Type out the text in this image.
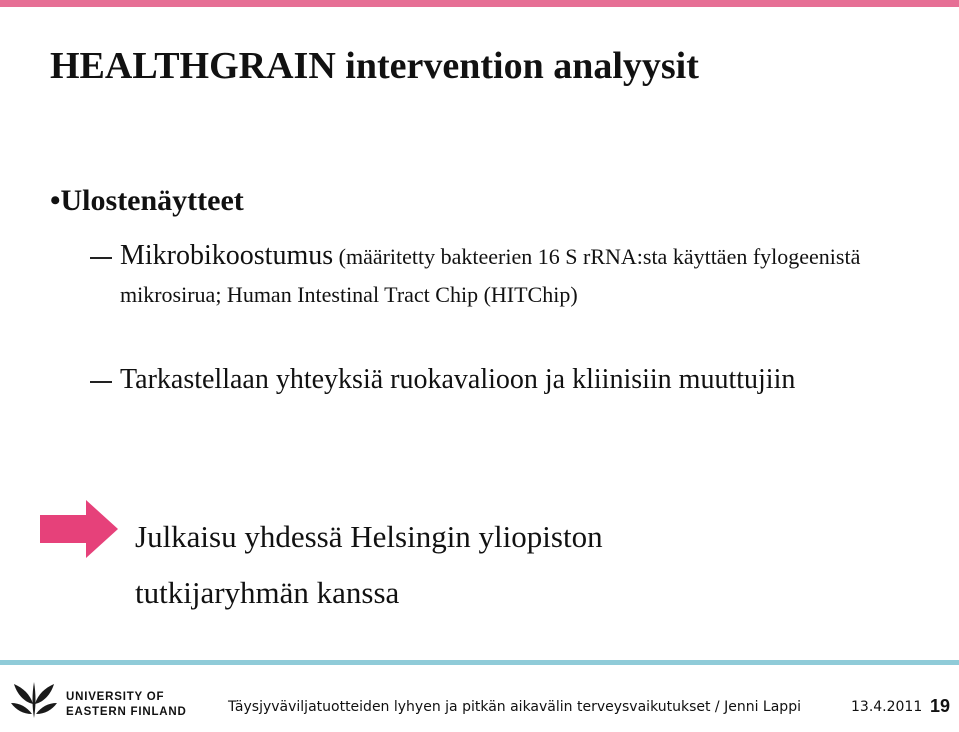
HEALTHGRAIN intervention analyysit
•Ulostenäytteet
Mikrobikoostumus (määritetty bakteerien 16 S rRNA:sta käyttäen fylogeenistä mikrosirua; Human Intestinal Tract Chip (HITChip)
Tarkastellaan yhteyksiä ruokavalioon ja kliinisiin muuttujiin
Julkaisu yhdessä Helsingin yliopiston
tutkijaryhmän kanssa
UNIVERSITY OF
EASTERN FINLAND	Täysjyväviljatuotteiden lyhyen ja pitkän aikavälin terveysvaikutukset / Jenni Lappi	13.4.2011 19
